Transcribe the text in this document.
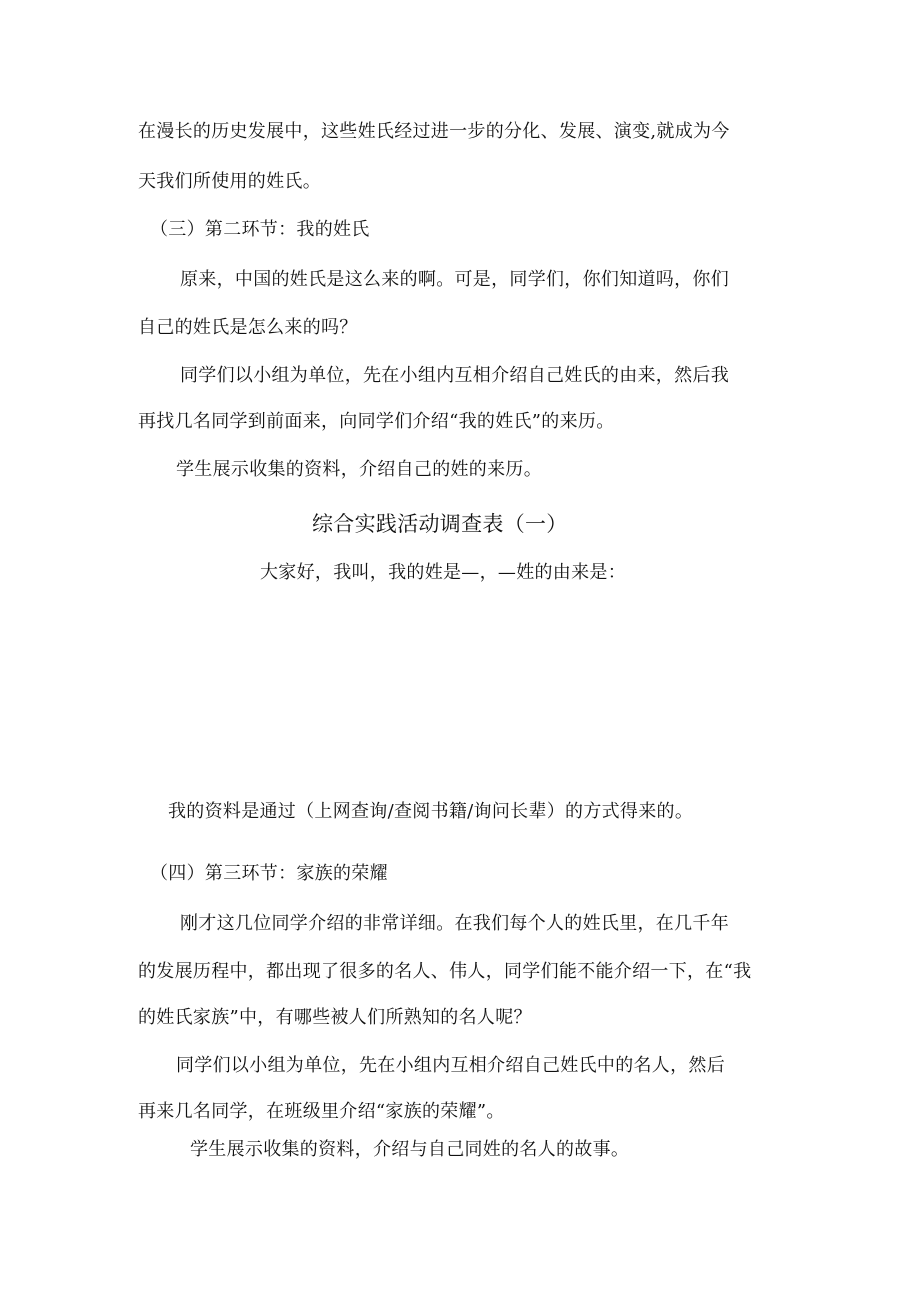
在漫长的历史发展中，这些姓氏经过进一步的分化、发展、演变,就成为今
天我们所使用的姓氏。
（三）第二环节：我的姓氏
原来，中国的姓氏是这么来的啊。可是，同学们，你们知道吗，你们
自己的姓氏是怎么来的吗？
同学们以小组为单位，先在小组内互相介绍自己姓氏的由来，然后我
再找几名同学到前面来，向同学们介绍“我的姓氏”的来历。
学生展示收集的资料，介绍自己的姓的来历。
综合实践活动调查表（一）
大家好，我叫，我的姓是—，—姓的由来是：
我的资料是通过（上网查询/查阅书籍/询问长辈）的方式得来的。
（四）第三环节：家族的荣耀
刚才这几位同学介绍的非常详细。在我们每个人的姓氏里，在几千年
的发展历程中，都出现了很多的名人、伟人，同学们能不能介绍一下，在“我
的姓氏家族”中，有哪些被人们所熟知的名人呢？
同学们以小组为单位，先在小组内互相介绍自己姓氏中的名人，然后
再来几名同学，在班级里介绍“家族的荣耀”。
学生展示收集的资料，介绍与自己同姓的名人的故事。
